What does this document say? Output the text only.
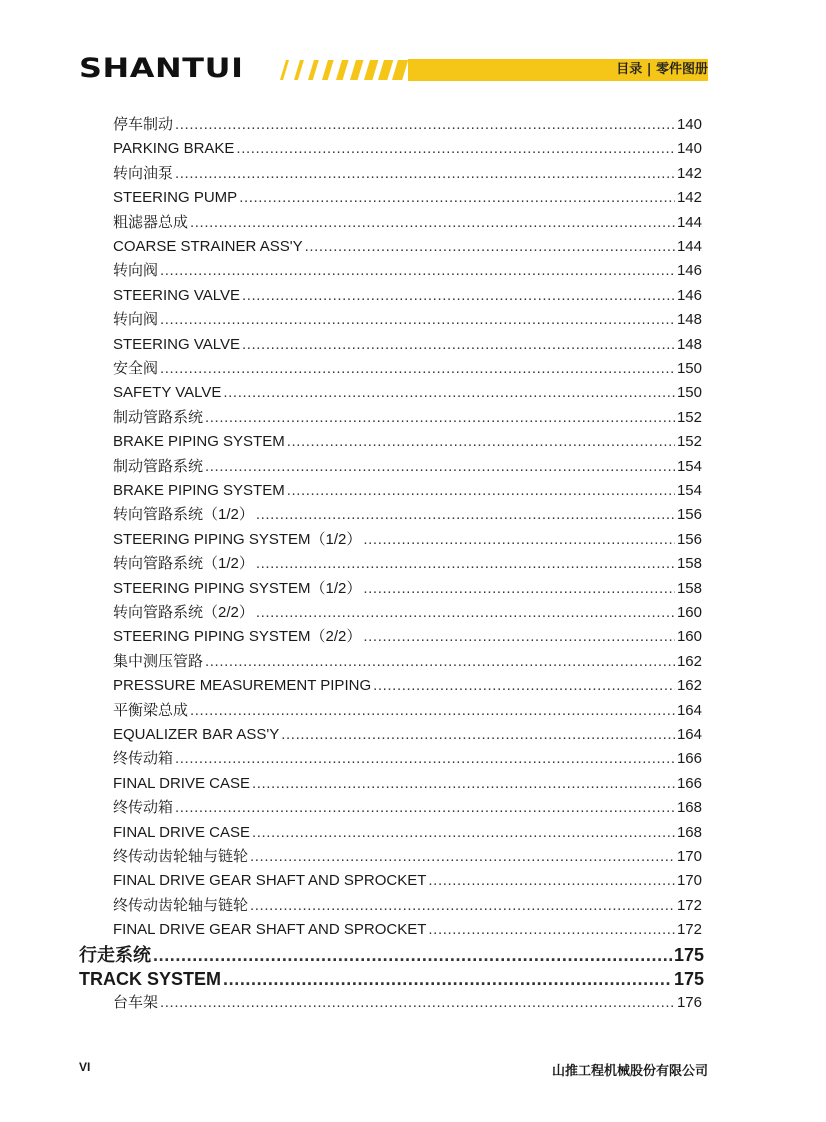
SHANTUI	目录 | 零件图册
停车制动 .....	140
PARKING BRAKE .....	140
转向油泵 .....	142
STEERING PUMP .....	142
粗滤器总成 .....	144
COARSE STRAINER ASS'Y .....	144
转向阀 .....	146
STEERING VALVE .....	146
转向阀 .....	148
STEERING VALVE .....	148
安全阀 .....	150
SAFETY VALVE .....	150
制动管路系统 .....	152
BRAKE PIPING SYSTEM .....	152
制动管路系统 .....	154
BRAKE PIPING SYSTEM .....	154
转向管路系统（1/2） .....	156
STEERING PIPING SYSTEM（1/2） .....	156
转向管路系统（1/2） .....	158
STEERING PIPING SYSTEM（1/2） .....	158
转向管路系统（2/2） .....	160
STEERING PIPING SYSTEM（2/2） .....	160
集中测压管路 .....	162
PRESSURE MEASUREMENT PIPING .....	162
平衡梁总成 .....	164
EQUALIZER BAR ASS'Y .....	164
终传动箱 .....	166
FINAL DRIVE CASE .....	166
终传动箱 .....	168
FINAL DRIVE CASE .....	168
终传动齿轮轴与链轮 .....	170
FINAL DRIVE GEAR SHAFT AND SPROCKET .....	170
终传动齿轮轴与链轮 .....	172
FINAL DRIVE GEAR SHAFT AND SPROCKET .....	172
行走系统 .....	175
TRACK SYSTEM .....	175
台车架 .....	176
VI	山推工程机械股份有限公司
